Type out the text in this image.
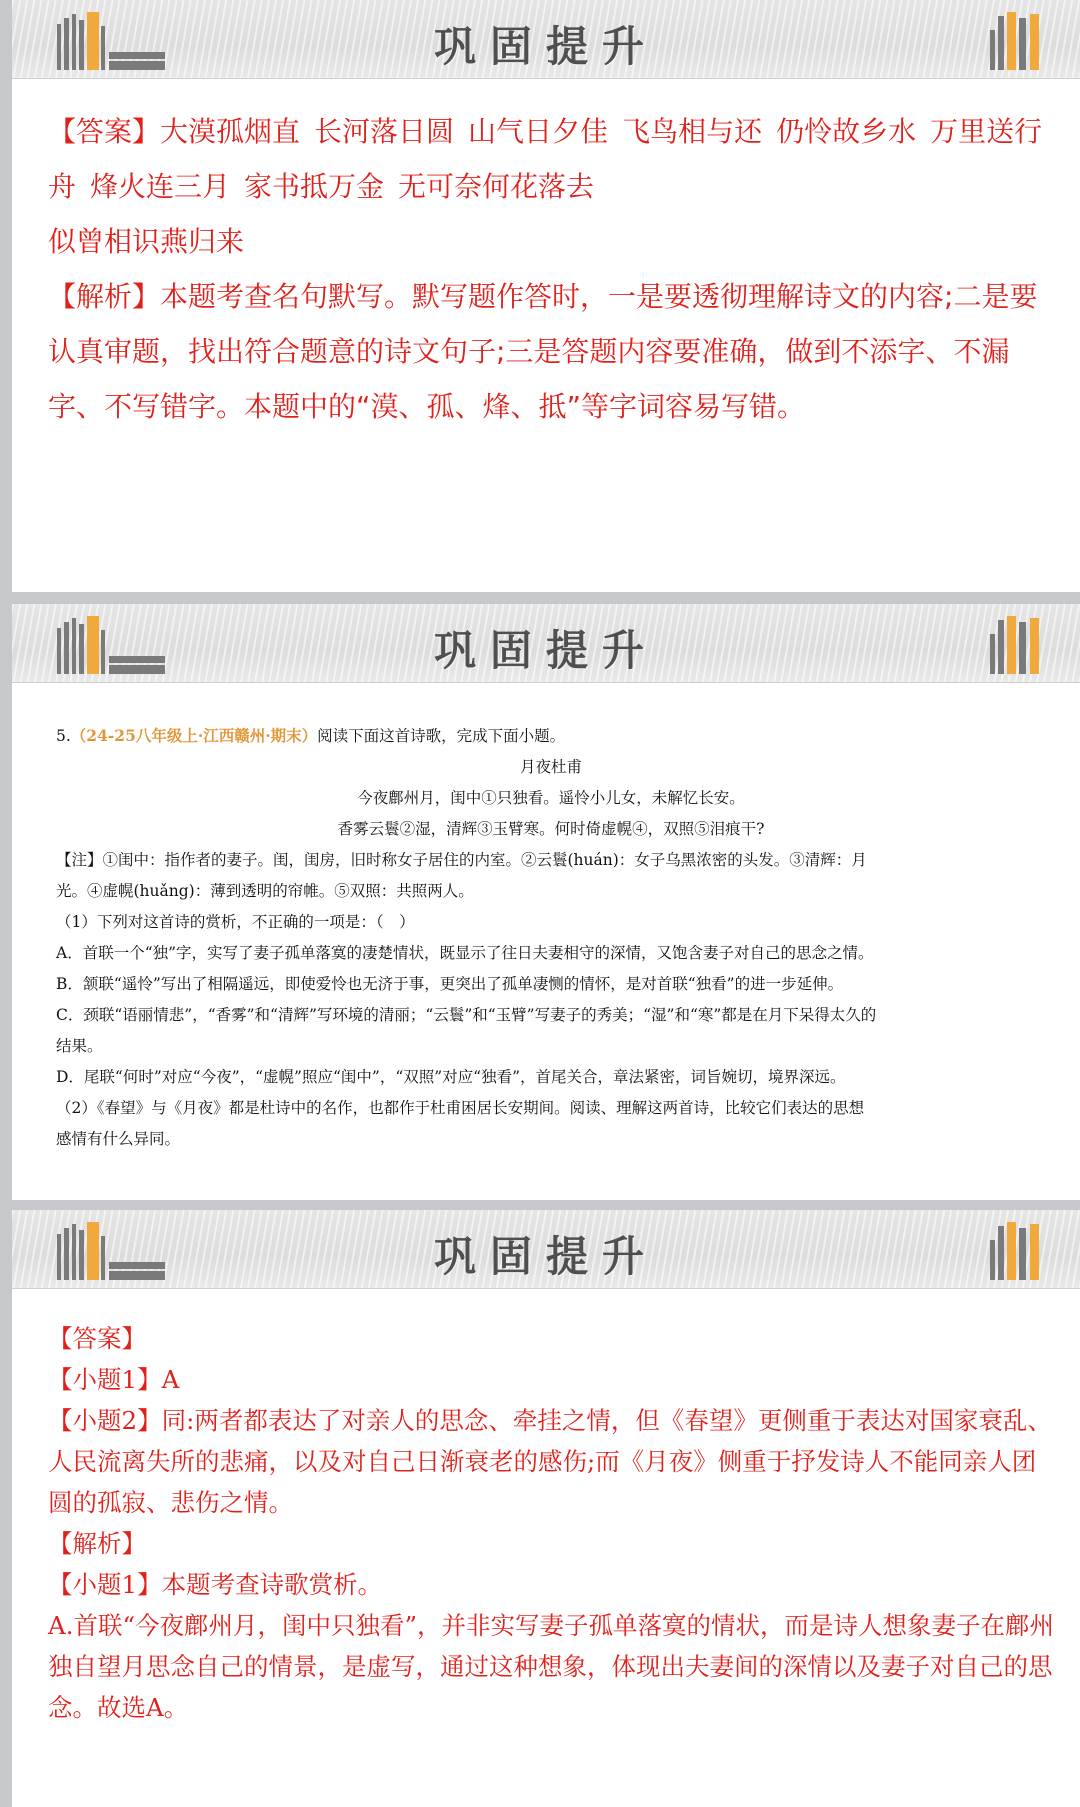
巩固提升

【答案】大漠孤烟直 长河落日圆 山气日夕佳 飞鸟相与还 仍怜故乡水 万里送行舟 烽火连三月 家书抵万金 无可奈何花落去

似曾相识燕归来

【解析】本题考查名句默写。默写题作答时，一是要透彻理解诗文的内容;二是要认真审题，找出符合题意的诗文句子;三是答题内容要准确，做到不添字、不漏字、不写错字。本题中的“漠、孤、烽、抵”等字词容易写错。

巩固提升

5.（24-25八年级上·江西赣州·期末）阅读下面这首诗歌，完成下面小题。

月夜杜甫

今夜鄜州月，闺中①只独看。遥怜小儿女，未解忆长安。

香雾云鬟②湿，清辉③玉臂寒。何时倚虚幌④，双照⑤泪痕干?

【注】①闺中：指作者的妻子。闺，闺房，旧时称女子居住的内室。②云鬟(huán)：女子乌黑浓密的头发。③清辉：月

光。④虚幌(huǎng)：薄到透明的帘帷。⑤双照：共照两人。

（1）下列对这首诗的赏析，不正确的一项是：（　）

A．首联一个“独”字，实写了妻子孤单落寞的凄楚情状，既显示了往日夫妻相守的深情，又饱含妻子对自己的思念之情。

B．颔联“遥怜”写出了相隔遥远，即使爱怜也无济于事，更突出了孤单凄恻的情怀，是对首联“独看”的进一步延伸。

C．颈联“语丽情悲”，“香雾”和“清辉”写环境的清丽；“云鬟”和“玉臂”写妻子的秀美；“湿”和“寒”都是在月下呆得太久的

结果。

D．尾联“何时”对应“今夜”，“虚幌”照应“闺中”，“双照”对应“独看”，首尾关合，章法紧密，词旨婉切，境界深远。

（2）《春望》与《月夜》都是杜诗中的名作，也都作于杜甫困居长安期间。阅读、理解这两首诗，比较它们表达的思想

感情有什么异同。

巩固提升

【答案】

【小题1】A

【小题2】同:两者都表达了对亲人的思念、牵挂之情，但《春望》更侧重于表达对国家衰乱、人民流离失所的悲痛，以及对自己日渐衰老的感伤;而《月夜》侧重于抒发诗人不能同亲人团圆的孤寂、悲伤之情。

【解析】

【小题1】本题考查诗歌赏析。

A.首联“今夜鄜州月，闺中只独看”，并非实写妻子孤单落寞的情状，而是诗人想象妻子在鄜州独自望月思念自己的情景，是虚写，通过这种想象，体现出夫妻间的深情以及妻子对自己的思念。故选A。
